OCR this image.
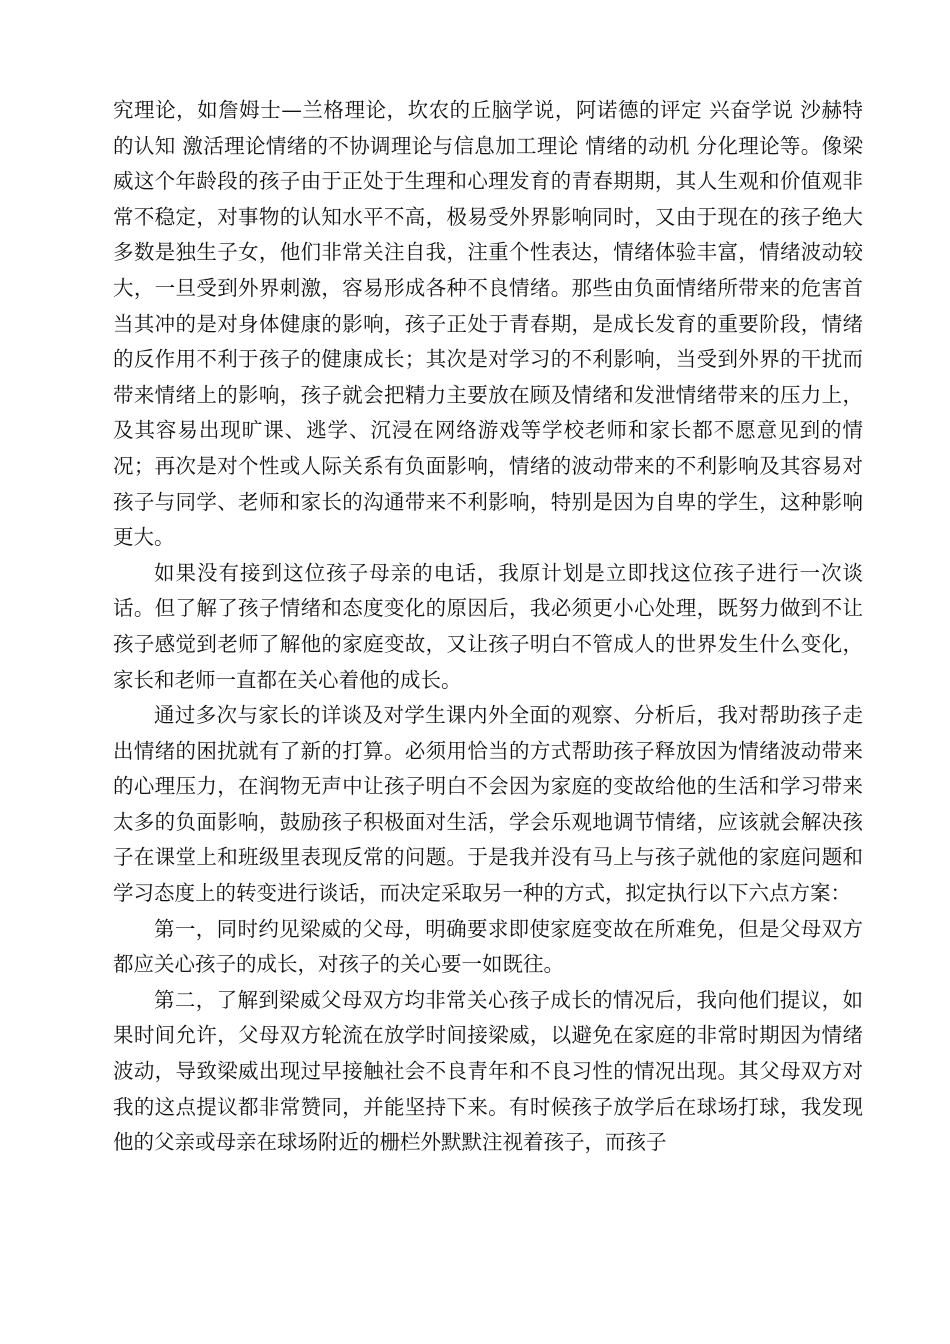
究理论，如詹姆士—兰格理论，坎农的丘脑学说，阿诺德的评定 兴奋学说 沙赫特的认知 激活理论情绪的不协调理论与信息加工理论 情绪的动机 分化理论等。像梁威这个年龄段的孩子由于正处于生理和心理发育的青春期期，其人生观和价值观非常不稳定，对事物的认知水平不高，极易受外界影响同时，又由于现在的孩子绝大多数是独生子女，他们非常关注自我，注重个性表达，情绪体验丰富，情绪波动较大，一旦受到外界刺激，容易形成各种不良情绪。那些由负面情绪所带来的危害首当其冲的是对身体健康的影响，孩子正处于青春期，是成长发育的重要阶段，情绪的反作用不利于孩子的健康成长；其次是对学习的不利影响，当受到外界的干扰而带来情绪上的影响，孩子就会把精力主要放在顾及情绪和发泄情绪带来的压力上，及其容易出现旷课、逃学、沉浸在网络游戏等学校老师和家长都不愿意见到的情况；再次是对个性或人际关系有负面影响，情绪的波动带来的不利影响及其容易对孩子与同学、老师和家长的沟通带来不利影响，特别是因为自卑的学生，这种影响更大。

如果没有接到这位孩子母亲的电话，我原计划是立即找这位孩子进行一次谈话。但了解了孩子情绪和态度变化的原因后，我必须更小心处理，既努力做到不让孩子感觉到老师了解他的家庭变故，又让孩子明白不管成人的世界发生什么变化，家长和老师一直都在关心着他的成长。

通过多次与家长的详谈及对学生课内外全面的观察、分析后，我对帮助孩子走出情绪的困扰就有了新的打算。必须用恰当的方式帮助孩子释放因为情绪波动带来的心理压力，在润物无声中让孩子明白不会因为家庭的变故给他的生活和学习带来太多的负面影响，鼓励孩子积极面对生活，学会乐观地调节情绪，应该就会解决孩子在课堂上和班级里表现反常的问题。于是我并没有马上与孩子就他的家庭问题和学习态度上的转变进行谈话，而决定采取另一种的方式，拟定执行以下六点方案：

第一，同时约见梁威的父母，明确要求即使家庭变故在所难免，但是父母双方都应关心孩子的成长，对孩子的关心要一如既往。

第二，了解到梁威父母双方均非常关心孩子成长的情况后，我向他们提议，如果时间允许，父母双方轮流在放学时间接梁威，以避免在家庭的非常时期因为情绪波动，导致梁威出现过早接触社会不良青年和不良习性的情况出现。其父母双方对我的这点提议都非常赞同，并能坚持下来。有时候孩子放学后在球场打球，我发现他的父亲或母亲在球场附近的栅栏外默默注视着孩子，而孩子
